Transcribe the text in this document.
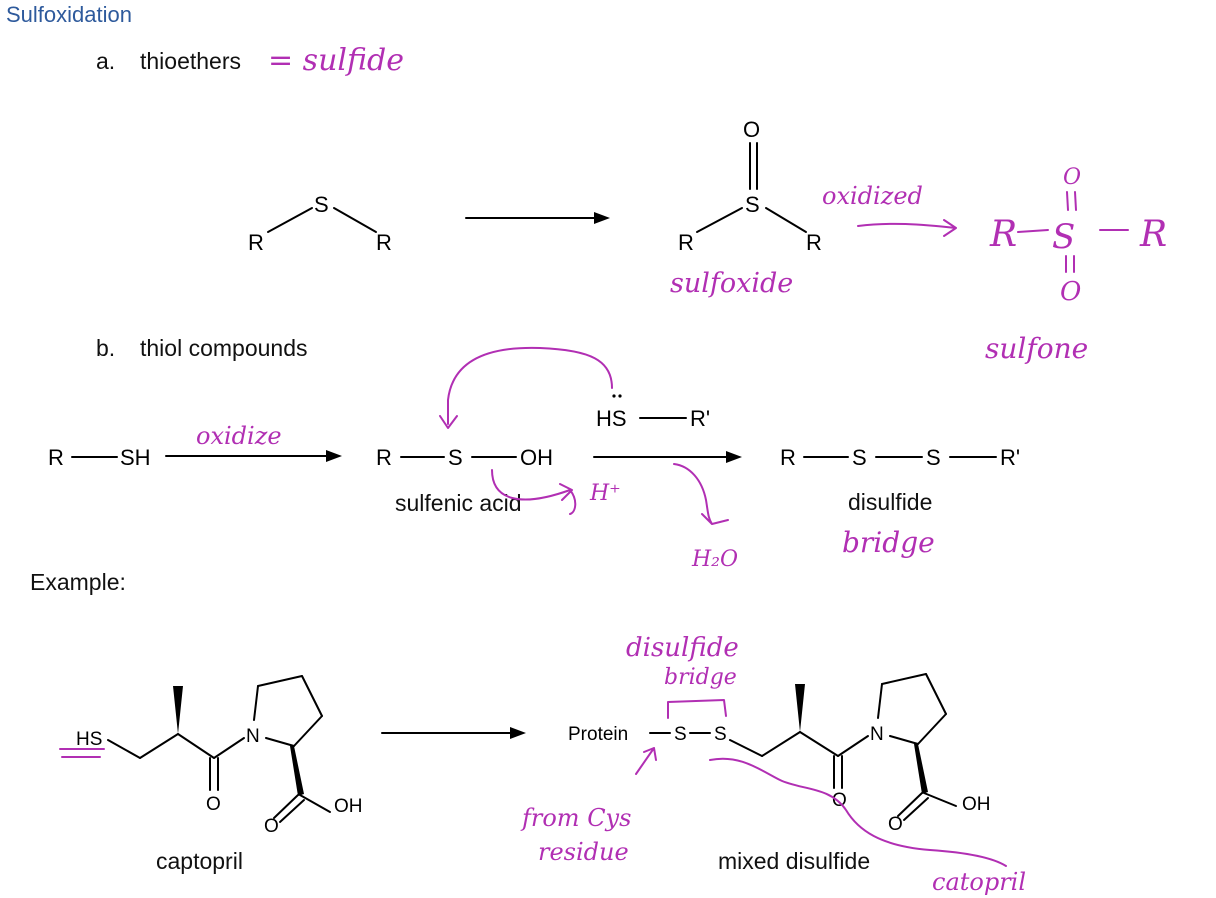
Sulfoxidation
a. thioethers
b. thiol compounds
Example:
= sulfide
S
R	R
O
S
R	R
sulfoxide
oxidized
R S R
O
O
sulfone
R	SH
oxidize
R	S	OH
sulfenic acid
HS	R'
R	S	S	R'
disulfide
H⁺
H₂O
bridge
HS
O
N
O
OH
captopril
Protein S S
O
N
O
OH
mixed disulfide
disulfide
bridge
from Cys
residue
catopril
